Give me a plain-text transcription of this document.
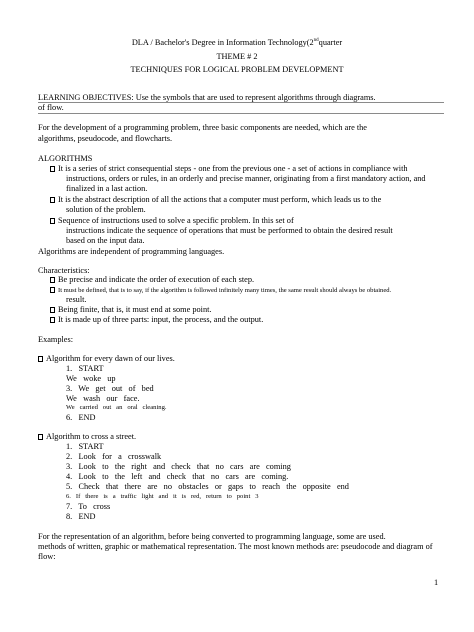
DLA / Bachelor's Degree in Information Technology(2ndquarter
THEME # 2
TECHNIQUES FOR LOGICAL PROBLEM DEVELOPMENT
LEARNING OBJECTIVES: Use the symbols that are used to represent algorithms through diagrams.
of flow.
For the development of a programming problem, three basic components are needed, which are the
algorithms, pseudocode, and flowcharts.
ALGORITHMS
It is a series of strict consequential steps - one from the previous one - a set of actions in compliance with
instructions, orders or rules, in an orderly and precise manner, originating from a first mandatory action, and
finalized in a last action.
It is the abstract description of all the actions that a computer must perform, which leads us to the
solution of the problem.
Sequence of instructions used to solve a specific problem. In this set of
instructions indicate the sequence of operations that must be performed to obtain the desired result
based on the input data.
Algorithms are independent of programming languages.
Characteristics:
Be precise and indicate the order of execution of each step.
It must be defined, that is to say, if the algorithm is followed infinitely many times, the same result should always be obtained.
result.
Being finite, that is, it must end at some point.
It is made up of three parts: input, the process, and the output.
Examples:
Algorithm for every dawn of our lives.
1.   START
We   woke   up
3.   We   get   out   of   bed
We   wash   our   face.
We   carried   out   an   oral   cleaning.
6.   END
Algorithm to cross a street.
1.   START
2.   Look   for   a   crosswalk
3.   Look   to   the   right   and   check   that   no   cars   are   coming
4.   Look   to   the   left   and   check   that   no   cars   are   coming.
5.   Check   that   there   are   no   obstacles   or   gaps   to   reach   the   opposite   end
6.   If   there   is   a   traffic   light   and   it   is   red,   return   to   point   3
7.   To   cross
8.   END
For the representation of an algorithm, before being converted to programming language, some are used.
methods of written, graphic or mathematical representation. The most known methods are: pseudocode and diagram of
flow:
1
